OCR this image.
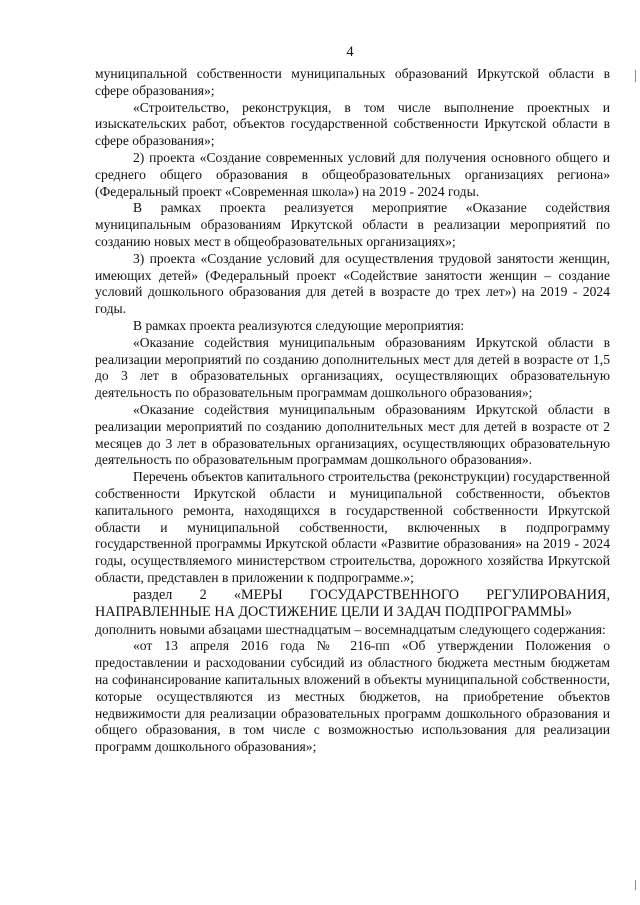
4

муниципальной собственности муниципальных образований Иркутской области в сфере образования»;

«Строительство, реконструкция, в том числе выполнение проектных и изыскательских работ, объектов государственной собственности Иркутской области в сфере образования»;

2) проекта «Создание современных условий для получения основного общего и среднего общего образования в общеобразовательных организациях региона» (Федеральный проект «Современная школа») на 2019 - 2024 годы.

В рамках проекта реализуется мероприятие «Оказание содействия муниципальным образованиям Иркутской области в реализации мероприятий по созданию новых мест в общеобразовательных организациях»;

3) проекта «Создание условий для осуществления трудовой занятости женщин, имеющих детей» (Федеральный проект «Содействие занятости женщин – создание условий дошкольного образования для детей в возрасте до трех лет») на 2019 - 2024 годы.

В рамках проекта реализуются следующие мероприятия:

«Оказание содействия муниципальным образованиям Иркутской области в реализации мероприятий по созданию дополнительных мест для детей в возрасте от 1,5 до 3 лет в образовательных организациях, осуществляющих образовательную деятельность по образовательным программам дошкольного образования»;

«Оказание содействия муниципальным образованиям Иркутской области в реализации мероприятий по созданию дополнительных мест для детей в возрасте от 2 месяцев до 3 лет в образовательных организациях, осуществляющих образовательную деятельность по образовательным программам дошкольного образования».

Перечень объектов капитального строительства (реконструкции) государственной собственности Иркутской области и муниципальной собственности, объектов капитального ремонта, находящихся в государственной собственности Иркутской области и муниципальной собственности, включенных в подпрограмму государственной программы Иркутской области «Развитие образования» на 2019 - 2024 годы, осуществляемого министерством строительства, дорожного хозяйства Иркутской области, представлен в приложении к подпрограмме.»;

раздел 2 «МЕРЫ ГОСУДАРСТВЕННОГО РЕГУЛИРОВАНИЯ, НАПРАВЛЕННЫЕ НА ДОСТИЖЕНИЕ ЦЕЛИ И ЗАДАЧ ПОДПРОГРАММЫ»

дополнить новыми абзацами шестнадцатым – восемнадцатым следующего содержания:

«от 13 апреля 2016 года № 216-пп «Об утверждении Положения о предоставлении и расходовании субсидий из областного бюджета местным бюджетам на софинансирование капитальных вложений в объекты муниципальной собственности, которые осуществляются из местных бюджетов, на приобретение объектов недвижимости для реализации образовательных программ дошкольного образования и общего образования, в том числе с возможностью использования для реализации программ дошкольного образования»;
